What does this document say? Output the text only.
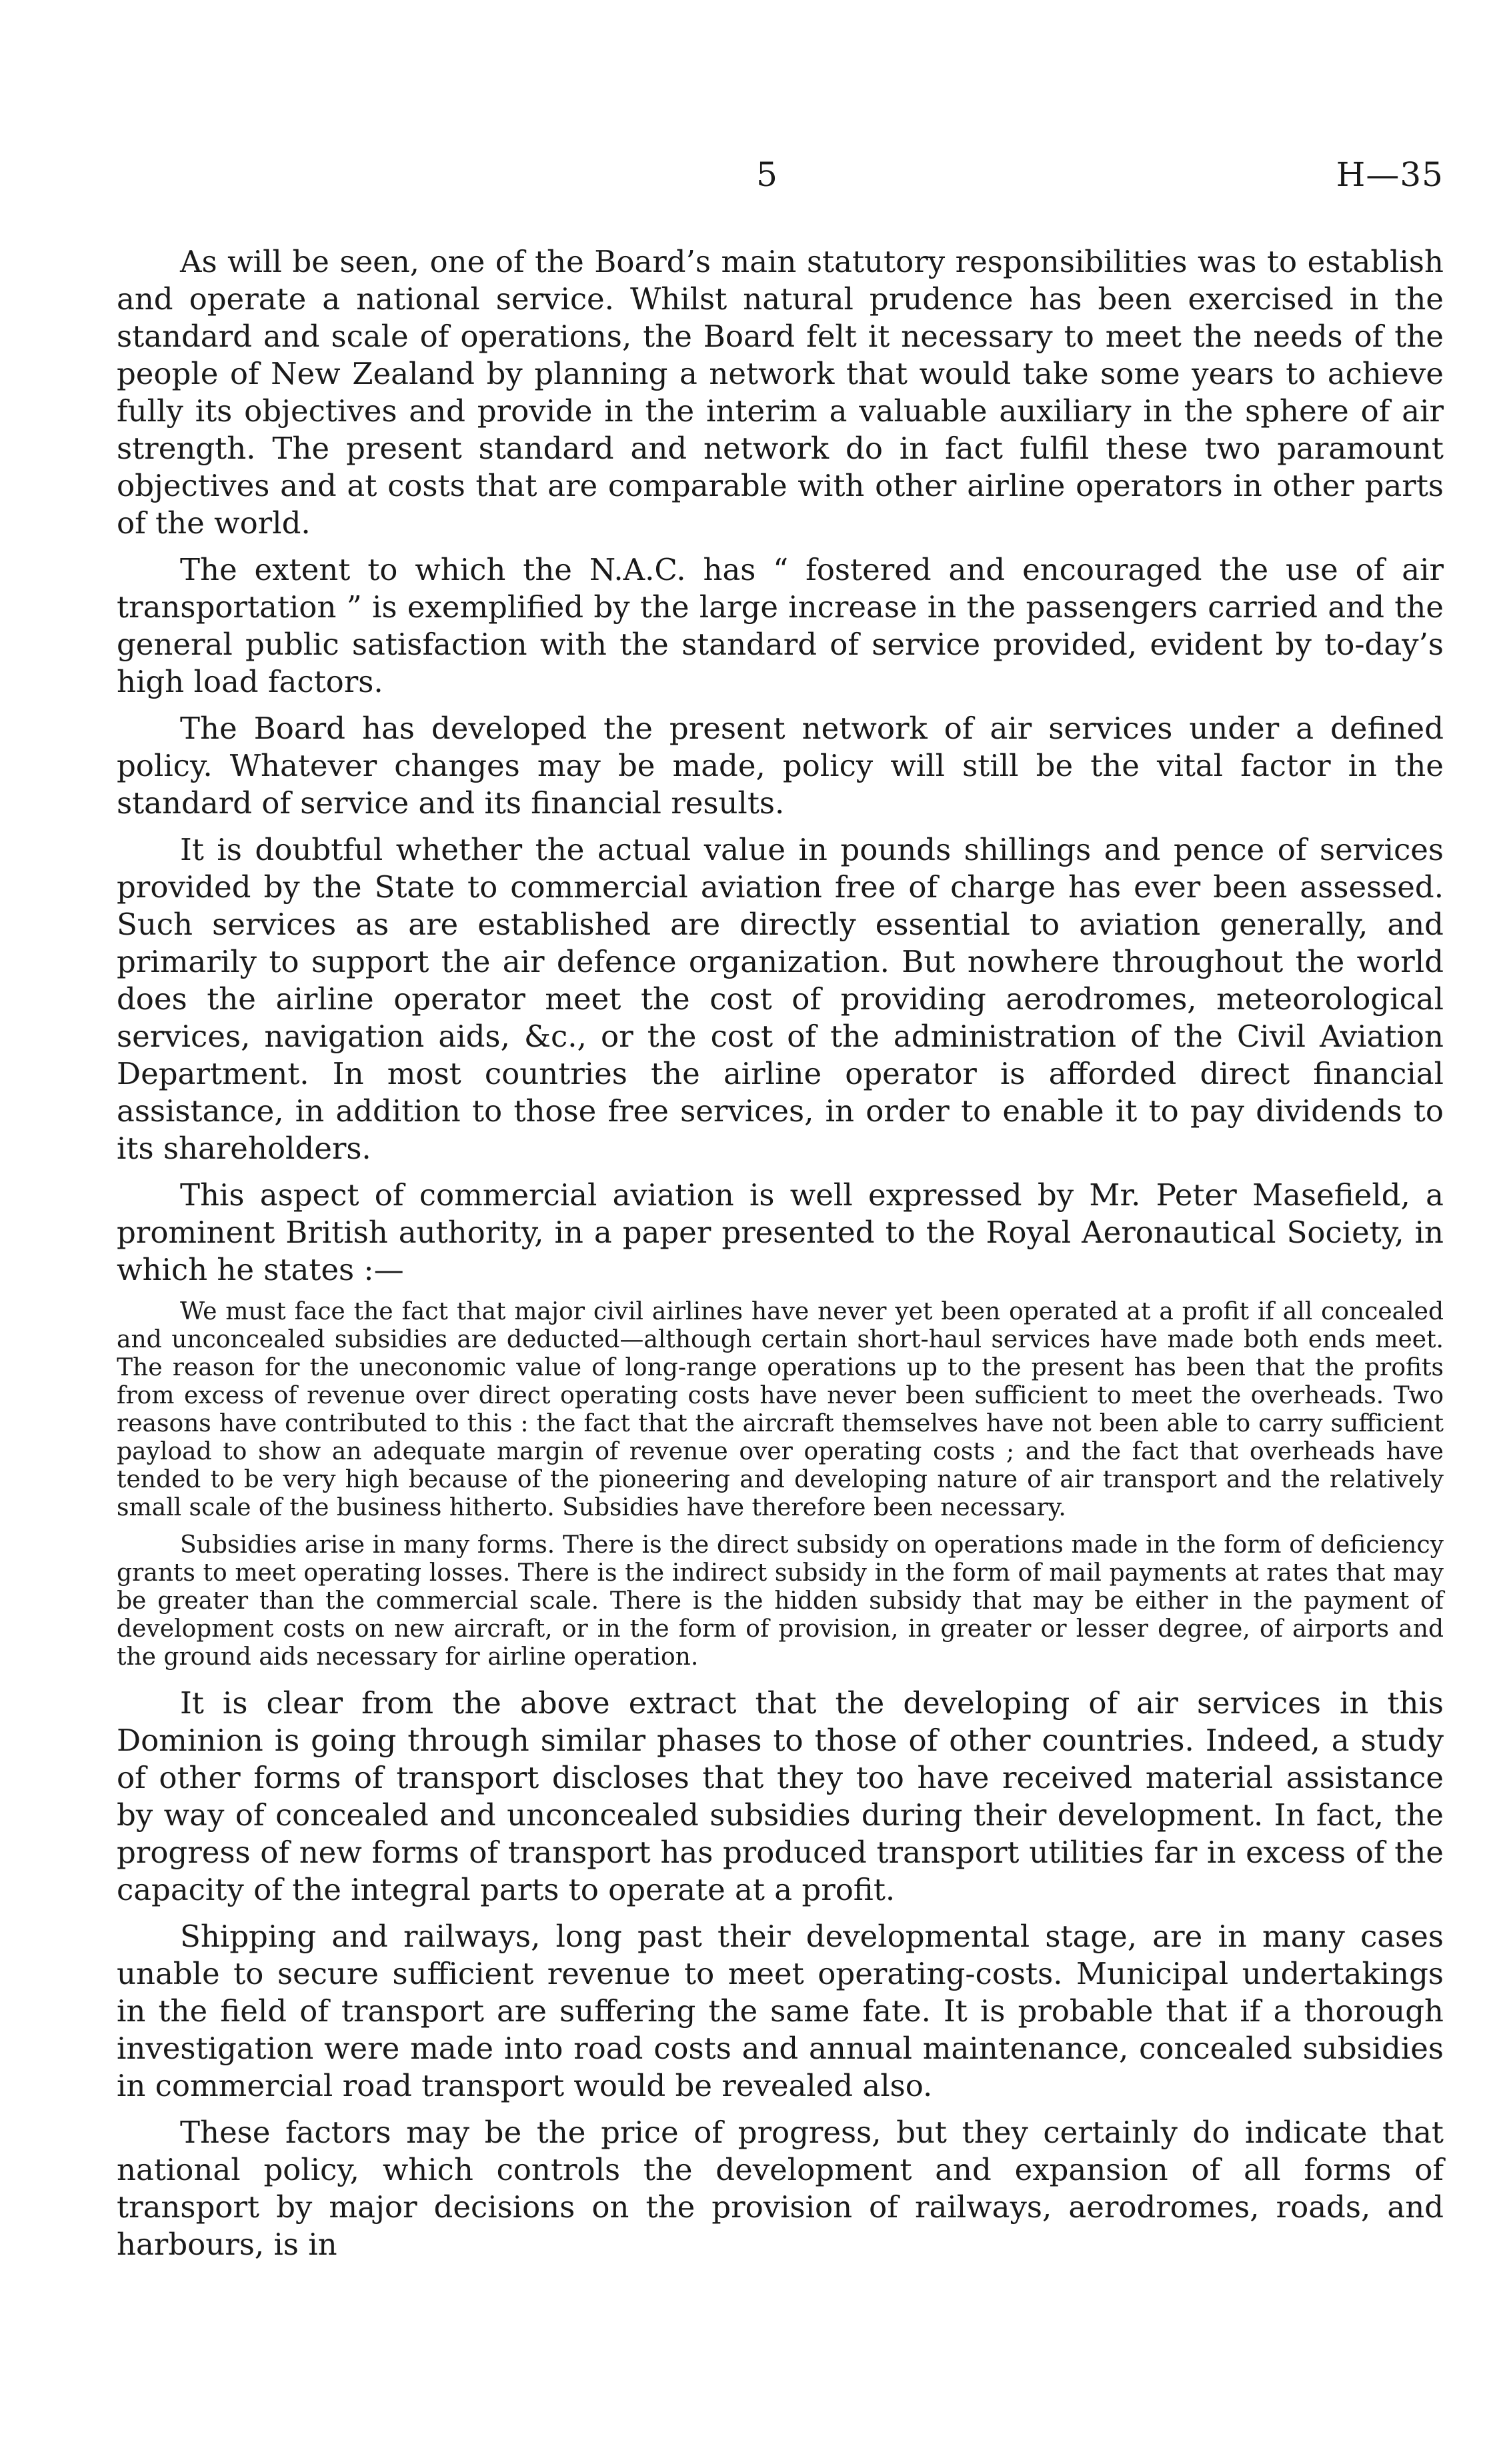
5	H—35

As will be seen, one of the Board’s main statutory responsibilities was to establish and operate a national service. Whilst natural prudence has been exercised in the standard and scale of operations, the Board felt it necessary to meet the needs of the people of New Zealand by planning a network that would take some years to achieve fully its objectives and provide in the interim a valuable auxiliary in the sphere of air strength. The present standard and network do in fact fulfil these two paramount objectives and at costs that are comparable with other airline operators in other parts of the world.

The extent to which the N.A.C. has “ fostered and encouraged the use of air transportation ” is exemplified by the large increase in the passengers carried and the general public satisfaction with the standard of service provided, evident by to-day’s high load factors.

The Board has developed the present network of air services under a defined policy. Whatever changes may be made, policy will still be the vital factor in the standard of service and its financial results.

It is doubtful whether the actual value in pounds shillings and pence of services provided by the State to commercial aviation free of charge has ever been assessed. Such services as are established are directly essential to aviation generally, and primarily to support the air defence organization. But nowhere throughout the world does the airline operator meet the cost of providing aerodromes, meteorological services, navigation aids, &c., or the cost of the administration of the Civil Aviation Department. In most countries the airline operator is afforded direct financial assistance, in addition to those free services, in order to enable it to pay dividends to its shareholders.

This aspect of commercial aviation is well expressed by Mr. Peter Masefield, a prominent British authority, in a paper presented to the Royal Aeronautical Society, in which he states :—

We must face the fact that major civil airlines have never yet been operated at a profit if all concealed and unconcealed subsidies are deducted—although certain short-haul services have made both ends meet. The reason for the uneconomic value of long-range operations up to the present has been that the profits from excess of revenue over direct operating costs have never been sufficient to meet the overheads. Two reasons have contributed to this : the fact that the aircraft themselves have not been able to carry sufficient payload to show an adequate margin of revenue over operating costs ; and the fact that overheads have tended to be very high because of the pioneering and developing nature of air transport and the relatively small scale of the business hitherto. Subsidies have therefore been necessary.

Subsidies arise in many forms. There is the direct subsidy on operations made in the form of deficiency grants to meet operating losses. There is the indirect subsidy in the form of mail payments at rates that may be greater than the commercial scale. There is the hidden subsidy that may be either in the payment of development costs on new aircraft, or in the form of provision, in greater or lesser degree, of airports and the ground aids necessary for airline operation.

It is clear from the above extract that the developing of air services in this Dominion is going through similar phases to those of other countries. Indeed, a study of other forms of transport discloses that they too have received material assistance by way of concealed and unconcealed subsidies during their development. In fact, the progress of new forms of transport has produced transport utilities far in excess of the capacity of the integral parts to operate at a profit.

Shipping and railways, long past their developmental stage, are in many cases unable to secure sufficient revenue to meet operating-costs. Municipal undertakings in the field of transport are suffering the same fate. It is probable that if a thorough investigation were made into road costs and annual maintenance, concealed subsidies in commercial road transport would be revealed also.

These factors may be the price of progress, but they certainly do indicate that national policy, which controls the development and expansion of all forms of transport by major decisions on the provision of railways, aerodromes, roads, and harbours, is in
